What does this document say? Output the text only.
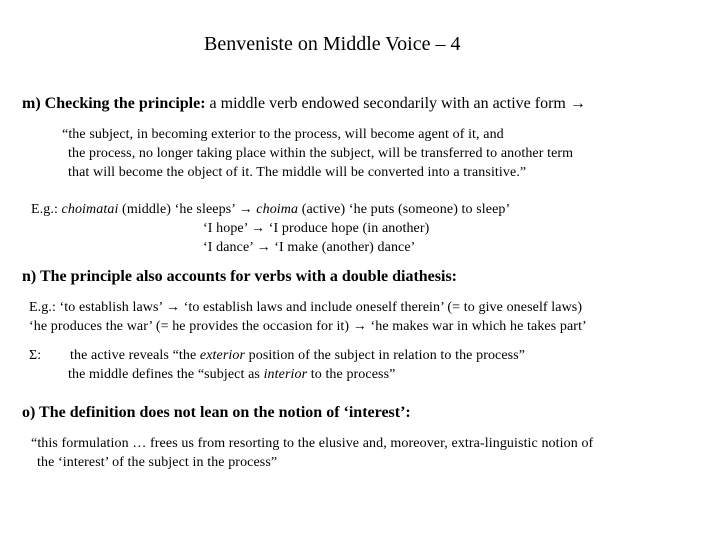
Benveniste on Middle Voice – 4
m) Checking the principle: a middle verb endowed secondarily with an active form →
“the subject, in becoming exterior to the process, will become agent of it, and
the process, no longer taking place within the subject, will be transferred to another term
that will become the object of it. The middle will be converted into a transitive.”
E.g.: choimatai (middle) ‘he sleeps’ → choima (active) ‘he puts (someone) to sleep’
‘I hope’ → ‘I produce hope (in another)
‘I dance’ → ‘I make (another) dance’
n) The principle also accounts for verbs with a double diathesis:
E.g.: ‘to establish laws’ → ‘to establish laws and include oneself therein’ (= to give oneself laws)
‘he produces the war’ (= he provides the occasion for it) → ‘he makes war in which he takes part’
Σ: the active reveals “the exterior position of the subject in relation to the process”
the middle defines the “subject as interior to the process”
o) The definition does not lean on the notion of ‘interest’:
“this formulation … frees us from resorting to the elusive and, moreover, extra-linguistic notion of
the ‘interest’ of the subject in the process”
